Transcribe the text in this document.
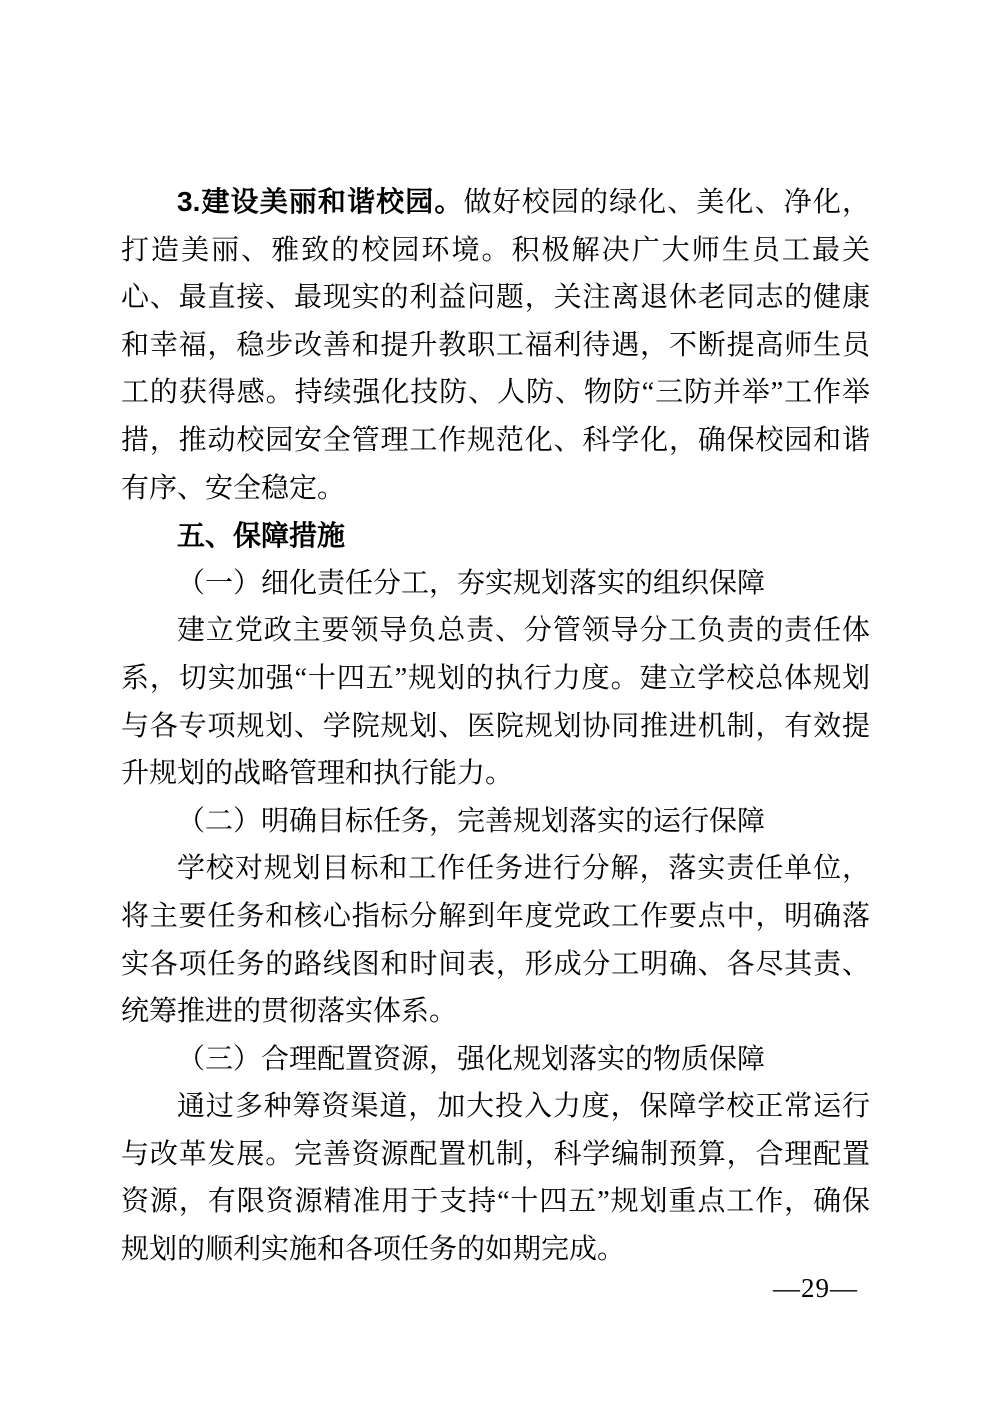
3.建设美丽和谐校园。做好校园的绿化、美化、净化，打造美丽、雅致的校园环境。积极解决广大师生员工最关心、最直接、最现实的利益问题，关注离退休老同志的健康和幸福，稳步改善和提升教职工福利待遇，不断提高师生员工的获得感。持续强化技防、人防、物防“三防并举”工作举措，推动校园安全管理工作规范化、科学化，确保校园和谐有序、安全稳定。

五、保障措施

（一）细化责任分工，夯实规划落实的组织保障

建立党政主要领导负总责、分管领导分工负责的责任体系，切实加强“十四五”规划的执行力度。建立学校总体规划与各专项规划、学院规划、医院规划协同推进机制，有效提升规划的战略管理和执行能力。

（二）明确目标任务，完善规划落实的运行保障

学校对规划目标和工作任务进行分解，落实责任单位，将主要任务和核心指标分解到年度党政工作要点中，明确落实各项任务的路线图和时间表，形成分工明确、各尽其责、统筹推进的贯彻落实体系。

（三）合理配置资源，强化规划落实的物质保障

通过多种筹资渠道，加大投入力度，保障学校正常运行与改革发展。完善资源配置机制，科学编制预算，合理配置资源，有限资源精准用于支持“十四五”规划重点工作，确保规划的顺利实施和各项任务的如期完成。

—29—
